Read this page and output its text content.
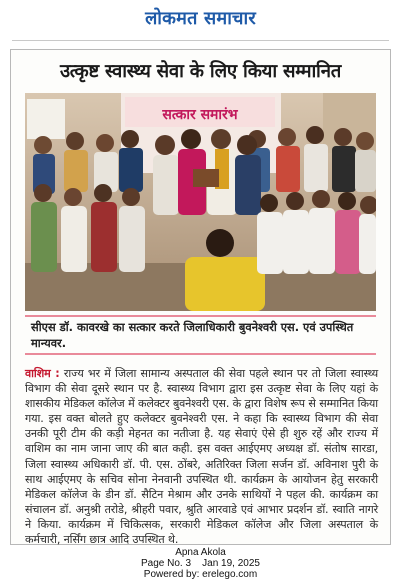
लोकमत समाचार
उत्कृष्ट स्वास्थ्य सेवा के लिए किया सम्मानित
सत्कार समारंभ
सीएस डॉ. कावरखे का सत्कार करते जिलाधिकारी बुवनेश्वरी एस. एवं उपस्थित मान्यवर.
वाशिम : राज्य भर में जिला सामान्य अस्पताल की सेवा पहले स्थान पर तो जिला स्वास्थ्य विभाग की सेवा दूसरे स्थान पर है. स्वास्थ्य विभाग द्वारा इस उत्कृष्ट सेवा के लिए यहां के शासकीय मेडिकल कॉलेज में कलेक्टर बुवनेश्वरी एस. के द्वारा विशेष रूप से सम्मानित किया गया. इस वक्त बोलते हुए कलेक्टर बुवनेश्वरी एस. ने कहा कि स्वास्थ्य विभाग की सेवा उनकी पूरी टीम की कड़ी मेहनत का नतीजा है. यह सेवाएं ऐसे ही शुरु रहें और राज्य में वाशिम का नाम जाना जाए की बात कही. इस वक्त आईएमए अध्यक्ष डॉ. संतोष सारडा, जिला स्वास्थ्य अधिकारी डॉ. पी. एस. ठोंबरे, अतिरिक्त जिला सर्जन डॉ. अविनाश पुरी के साथ आईएमए के सचिव सोना नेनवानी उपस्थित थी. कार्यक्रम के आयोजन हेतु सरकारी मेडिकल कॉलेज के डीन डॉ. सैटिन मेश्राम और उनके साथियों ने पहल की. कार्यक्रम का संचालन डॉ. अनुश्री तरोडे, श्रीहरी पवार, श्रुति आरवाडे एवं आभार प्रदर्शन डॉ. स्वाति नागरे ने किया. कार्यक्रम में चिकित्सक, सरकारी मेडिकल कॉलेज और जिला अस्पताल के कर्मचारी, नर्सिंग छात्र आदि उपस्थित थे.
Apna Akola
Page No. 3    Jan 19, 2025
Powered by: erelego.com
